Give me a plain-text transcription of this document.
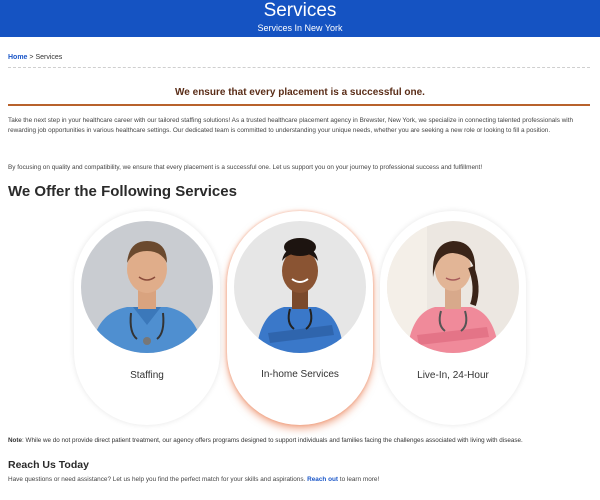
Services
Services In New York
Home > Services
We ensure that every placement is a successful one.

Take the next step in your healthcare career with our tailored staffing solutions! As a trusted healthcare placement agency in Brewster, New York, we specialize in connecting talented professionals with rewarding job opportunities in various healthcare settings. Our dedicated team is committed to understanding your unique needs, whether you are seeking a new role or looking to fill a position.

By focusing on quality and compatibility, we ensure that every placement is a successful one. Let us support you on your journey to professional success and fulfillment!

We Offer the Following Services
Staffing	In-home Services	Live-In, 24-Hour

Note: While we do not provide direct patient treatment, our agency offers programs designed to support individuals and families facing the challenges associated with living with disease.

Reach Us Today

Have questions or need assistance? Let us help you find the perfect match for your skills and aspirations. Reach out to learn more!
